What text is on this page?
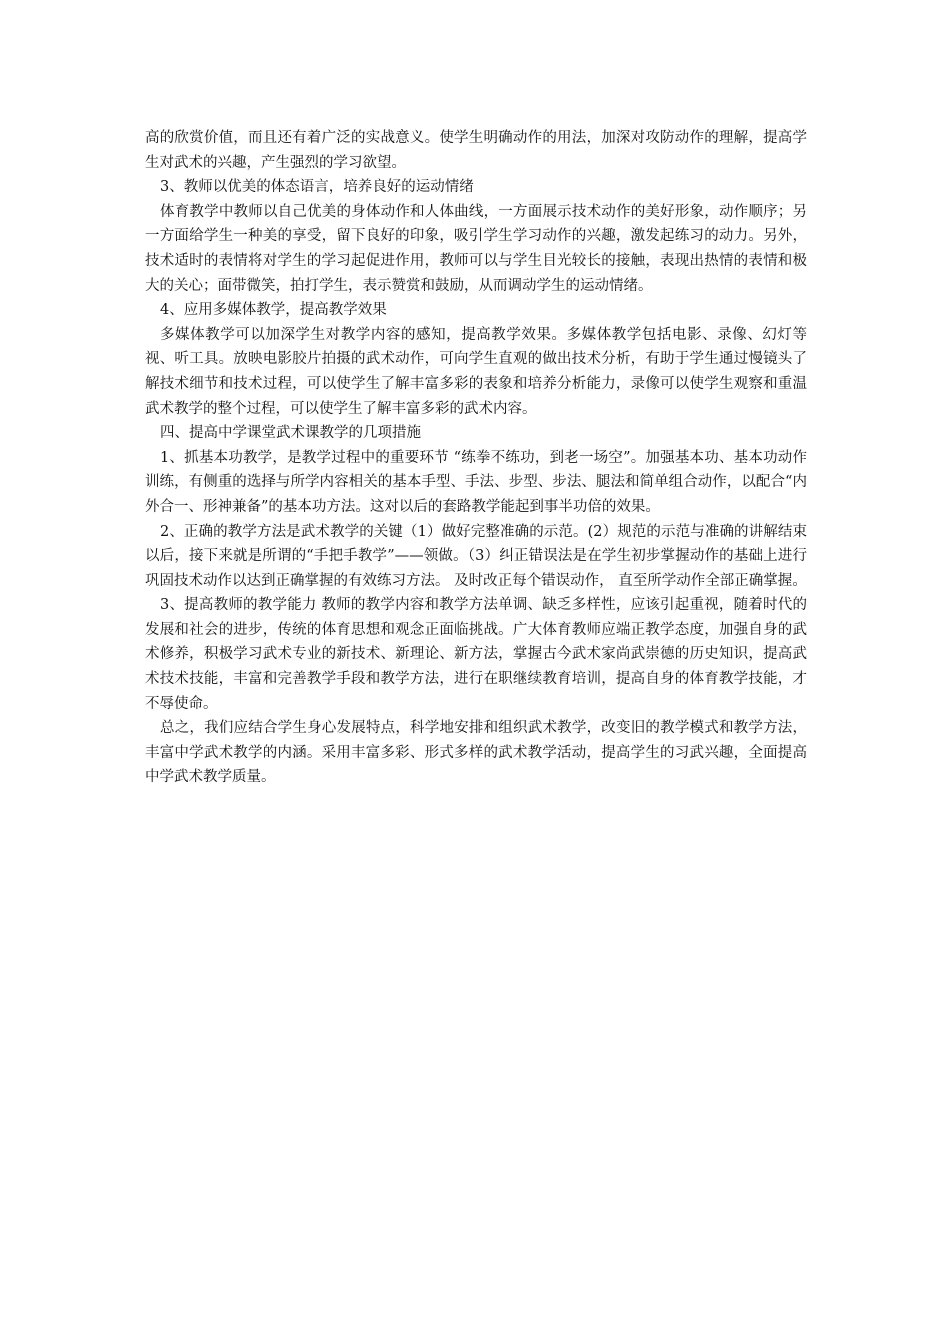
高的欣赏价值，而且还有着广泛的实战意义。使学生明确动作的用法，加深对攻防动作的理解，提高学生对武术的兴趣，产生强烈的学习欲望。

3、教师以优美的体态语言，培养良好的运动情绪

体育教学中教师以自己优美的身体动作和人体曲线，一方面展示技术动作的美好形象，动作顺序；另一方面给学生一种美的享受，留下良好的印象，吸引学生学习动作的兴趣，激发起练习的动力。另外，技术适时的表情将对学生的学习起促进作用，教师可以与学生目光较长的接触，表现出热情的表情和极大的关心；面带微笑，拍打学生，表示赞赏和鼓励，从而调动学生的运动情绪。

4、应用多媒体教学，提高教学效果

多媒体教学可以加深学生对教学内容的感知，提高教学效果。多媒体教学包括电影、录像、幻灯等视、听工具。放映电影胶片拍摄的武术动作，可向学生直观的做出技术分析，有助于学生通过慢镜头了解技术细节和技术过程，可以使学生了解丰富多彩的表象和培养分析能力，录像可以使学生观察和重温武术教学的整个过程，可以使学生了解丰富多彩的武术内容。

四、提高中学课堂武术课教学的几项措施

1、抓基本功教学，是教学过程中的重要环节 “练拳不练功，到老一场空”。加强基本功、基本功动作训练，有侧重的选择与所学内容相关的基本手型、手法、步型、步法、腿法和简单组合动作，以配合“内外合一、形神兼备”的基本功方法。这对以后的套路教学能起到事半功倍的效果。

2、正确的教学方法是武术教学的关键（1）做好完整准确的示范。(2）规范的示范与准确的讲解结束以后，接下来就是所谓的“手把手教学”——领做。（3）纠正错误法是在学生初步掌握动作的基础上进行巩固技术动作以达到正确掌握的有效练习方法。 及时改正每个错误动作， 直至所学动作全部正确掌握。

3、提高教师的教学能力 教师的教学内容和教学方法单调、缺乏多样性，应该引起重视，随着时代的发展和社会的进步，传统的体育思想和观念正面临挑战。广大体育教师应端正教学态度，加强自身的武术修养，积极学习武术专业的新技术、新理论、新方法，掌握古今武术家尚武崇德的历史知识，提高武术技术技能，丰富和完善教学手段和教学方法，进行在职继续教育培训，提高自身的体育教学技能，才不辱使命。

总之，我们应结合学生身心发展特点，科学地安排和组织武术教学，改变旧的教学模式和教学方法，丰富中学武术教学的内涵。采用丰富多彩、形式多样的武术教学活动，提高学生的习武兴趣，全面提高中学武术教学质量。
